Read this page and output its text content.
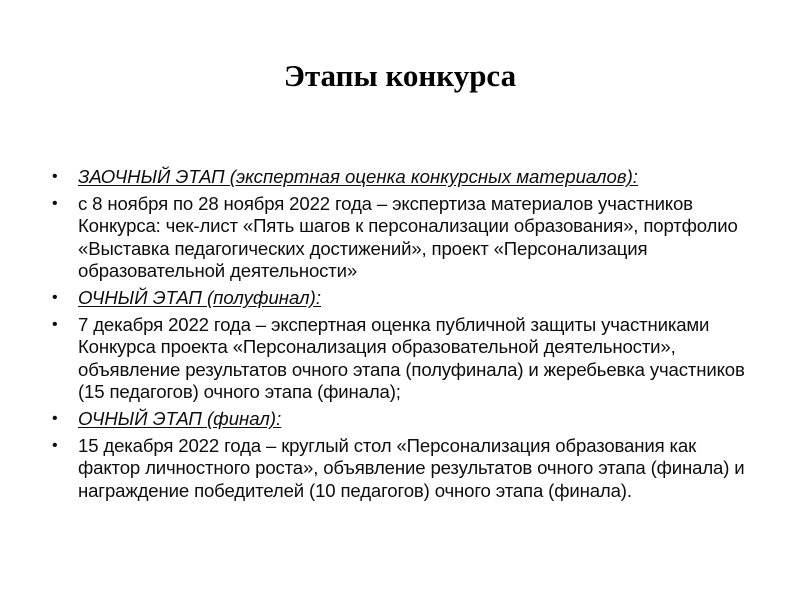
Этапы конкурса
• ЗАОЧНЫЙ ЭТАП (экспертная оценка конкурсных материалов):
• с 8 ноября по 28 ноября 2022 года – экспертиза материалов участников Конкурса: чек-лист «Пять шагов к персонализации образования», портфолио «Выставка педагогических достижений», проект «Персонализация образовательной деятельности»
• ОЧНЫЙ ЭТАП (полуфинал):
• 7 декабря 2022 года – экспертная оценка публичной защиты участниками Конкурса проекта «Персонализация образовательной деятельности», объявление результатов очного этапа (полуфинала) и жеребьевка участников (15 педагогов) очного этапа (финала);
• ОЧНЫЙ ЭТАП (финал):
• 15 декабря 2022 года – круглый стол «Персонализация образования как фактор личностного роста», объявление результатов очного этапа (финала) и награждение победителей (10 педагогов) очного этапа (финала).
